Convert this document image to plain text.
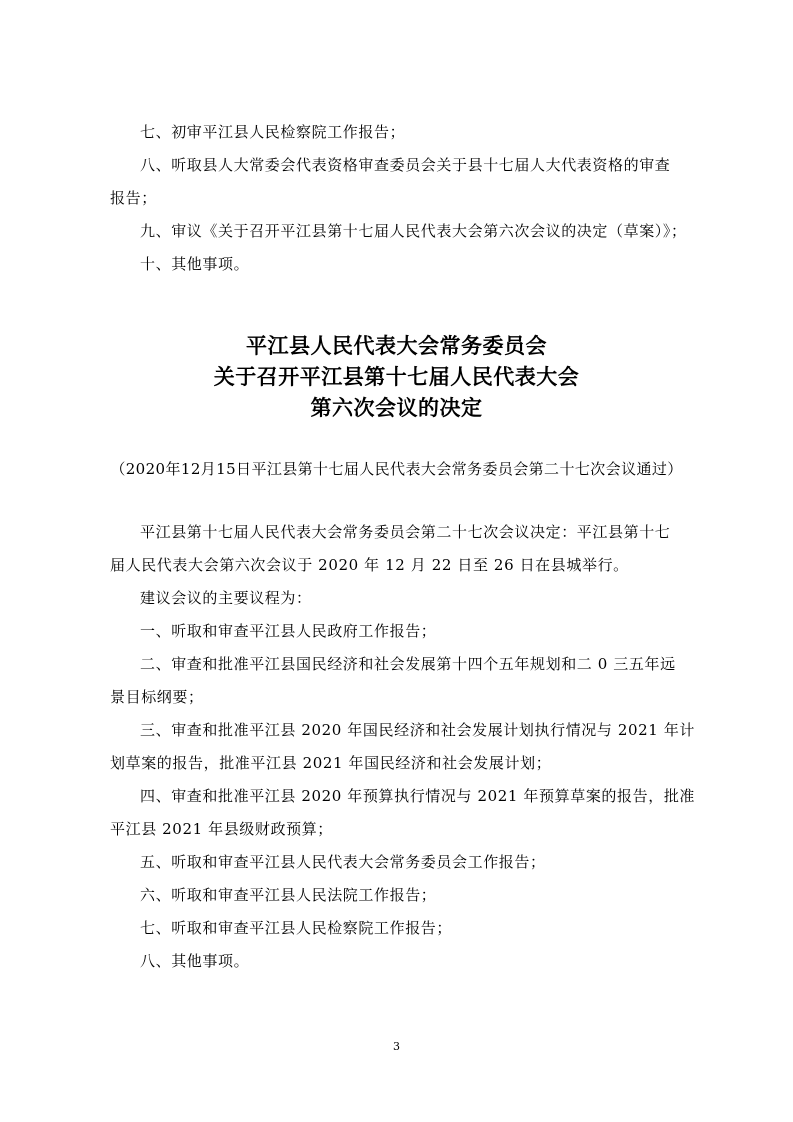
七、初审平江县人民检察院工作报告；
八、听取县人大常委会代表资格审查委员会关于县十七届人大代表资格的审查
报告；
九、审议《关于召开平江县第十七届人民代表大会第六次会议的决定（草案）》；
十、其他事项。
平江县人民代表大会常务委员会
关于召开平江县第十七届人民代表大会
第六次会议的决定
（2020年12月15日平江县第十七届人民代表大会常务委员会第二十七次会议通过）
平江县第十七届人民代表大会常务委员会第二十七次会议决定：平江县第十七
届人民代表大会第六次会议于 2020 年 12 月 22 日至 26 日在县城举行。
建议会议的主要议程为：
一、听取和审查平江县人民政府工作报告；
二、审查和批准平江县国民经济和社会发展第十四个五年规划和二 0 三五年远
景目标纲要；
三、审查和批准平江县 2020 年国民经济和社会发展计划执行情况与 2021 年计
划草案的报告，批准平江县 2021 年国民经济和社会发展计划；
四、审查和批准平江县 2020 年预算执行情况与 2021 年预算草案的报告，批准
平江县 2021 年县级财政预算；
五、听取和审查平江县人民代表大会常务委员会工作报告；
六、听取和审查平江县人民法院工作报告；
七、听取和审查平江县人民检察院工作报告；
八、其他事项。
3
